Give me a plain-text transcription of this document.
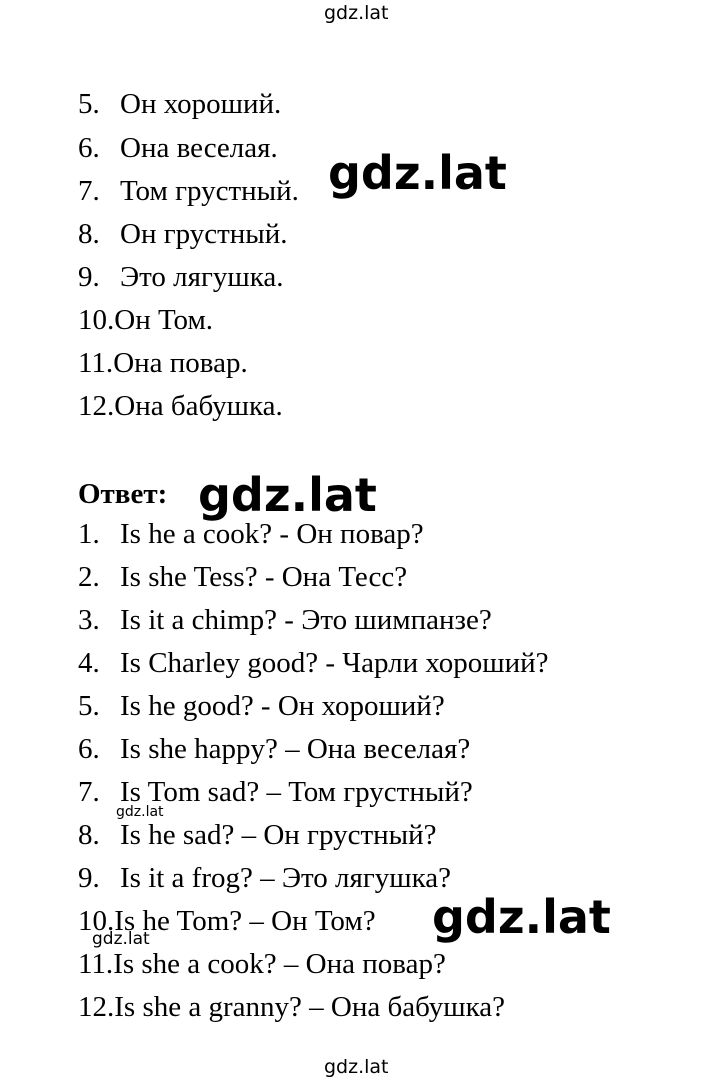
gdz.lat
gdz.lat
gdz.lat
gdz.lat
gdz.lat
gdz.lat
gdz.lat
5. Он хороший.
6. Она веселая.
7. Том грустный.
8. Он грустный.
9. Это лягушка.
10.Он Том.
11.Она повар.
12.Она бабушка.
Ответ:
1. Is he a cook? - Он повар?
2. Is she Tess? - Она Тесс?
3. Is it a chimp? - Это шимпанзе?
4. Is Charley good? - Чарли хороший?
5. Is he good? - Он хороший?
6. Is she happy? – Она веселая?
7. Is Tom sad? – Том грустный?
8. Is he sad? – Он грустный?
9. Is it a frog? – Это лягушка?
10.Is he Tom? – Он Том?
11.Is she a cook? – Она повар?
12.Is she a granny? – Она бабушка?
